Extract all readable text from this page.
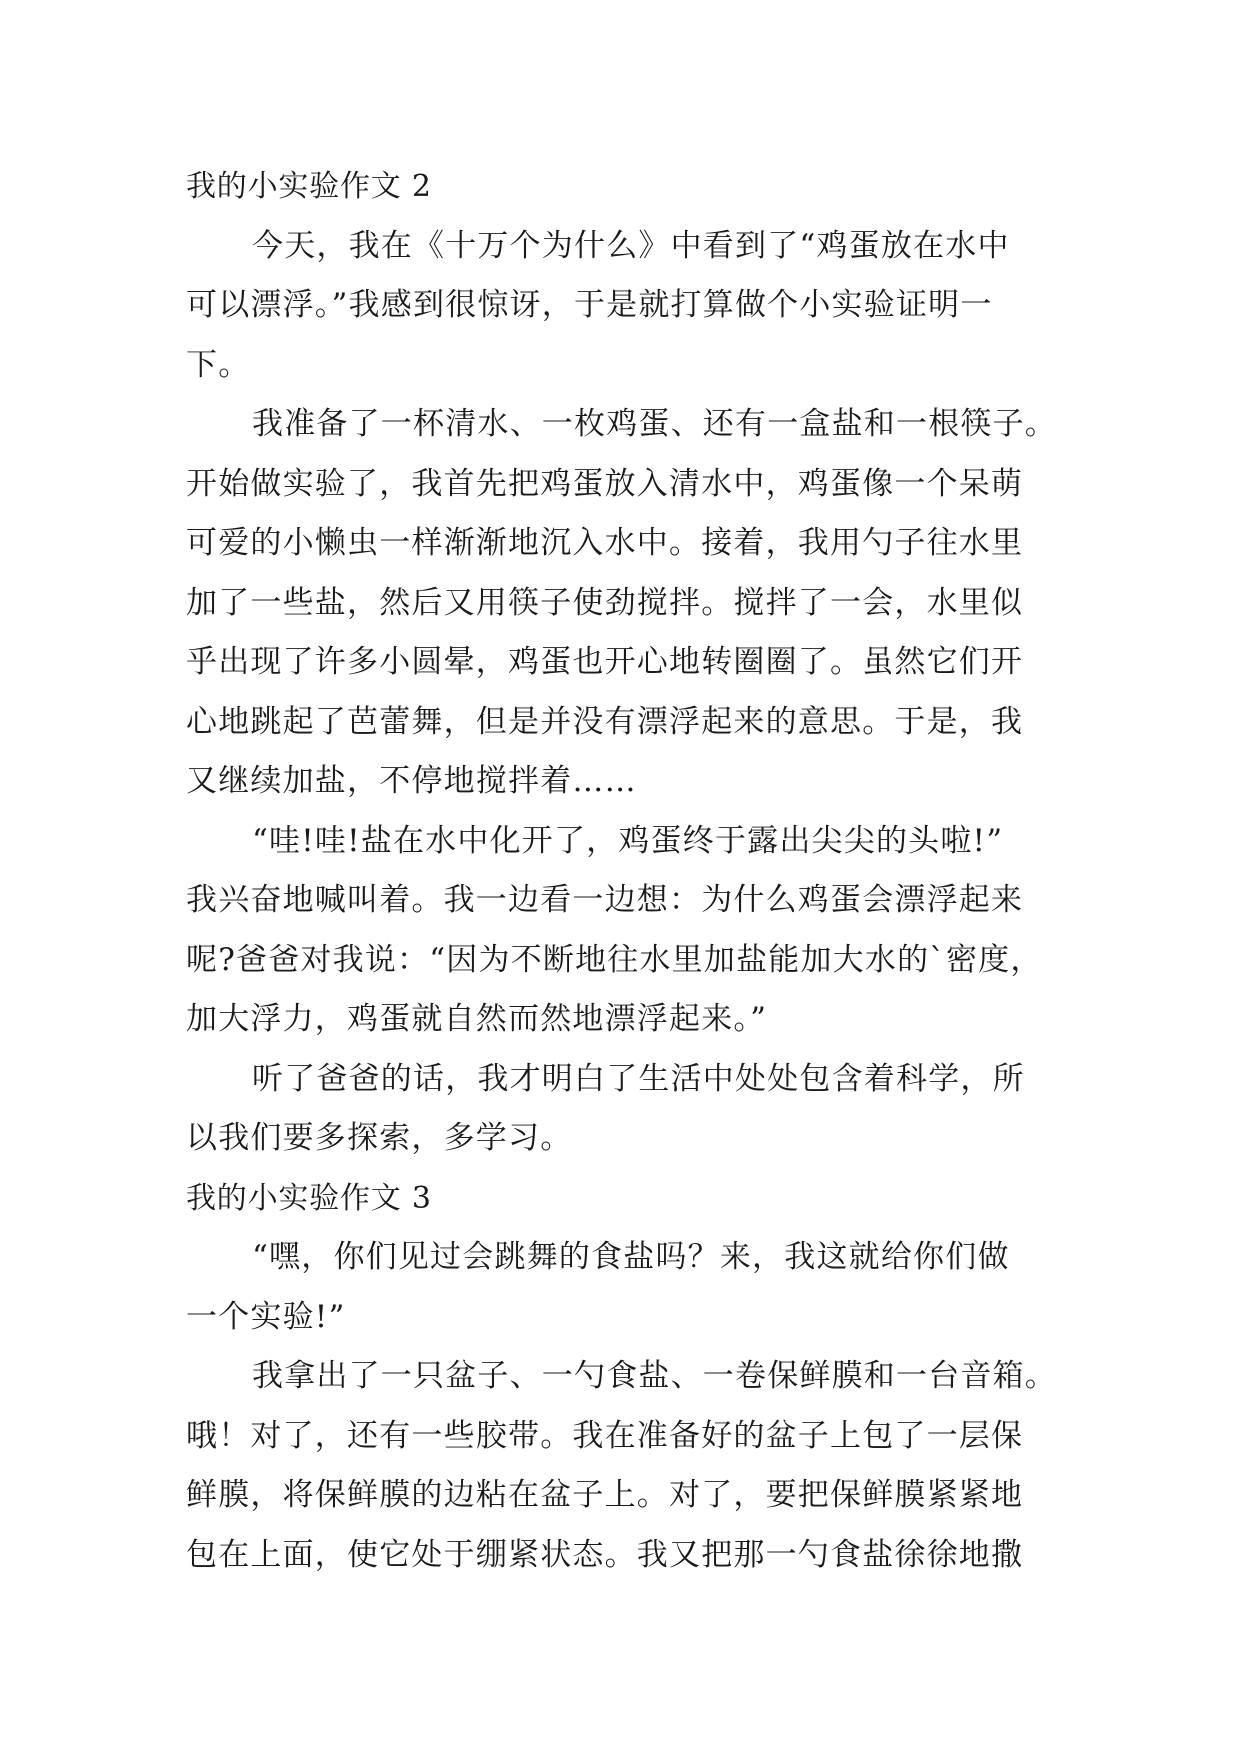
我的小实验作文 2
今天，我在《十万个为什么》中看到了“鸡蛋放在水中
可以漂浮。”我感到很惊讶，于是就打算做个小实验证明一
下。
我准备了一杯清水、一枚鸡蛋、还有一盒盐和一根筷子。
开始做实验了，我首先把鸡蛋放入清水中，鸡蛋像一个呆萌
可爱的小懒虫一样渐渐地沉入水中。接着，我用勺子往水里
加了一些盐，然后又用筷子使劲搅拌。搅拌了一会，水里似
乎出现了许多小圆晕，鸡蛋也开心地转圈圈了。虽然它们开
心地跳起了芭蕾舞，但是并没有漂浮起来的意思。于是，我
又继续加盐，不停地搅拌着……
“哇!哇!盐在水中化开了，鸡蛋终于露出尖尖的头啦!”
我兴奋地喊叫着。我一边看一边想：为什么鸡蛋会漂浮起来
呢?爸爸对我说：“因为不断地往水里加盐能加大水的`密度，
加大浮力，鸡蛋就自然而然地漂浮起来。”
听了爸爸的话，我才明白了生活中处处包含着科学，所
以我们要多探索，多学习。
我的小实验作文 3
“嘿，你们见过会跳舞的食盐吗？来，我这就给你们做
一个实验!”
我拿出了一只盆子、一勺食盐、一卷保鲜膜和一台音箱。
哦！对了，还有一些胶带。我在准备好的盆子上包了一层保
鲜膜，将保鲜膜的边粘在盆子上。对了，要把保鲜膜紧紧地
包在上面，使它处于绷紧状态。我又把那一勺食盐徐徐地撒
